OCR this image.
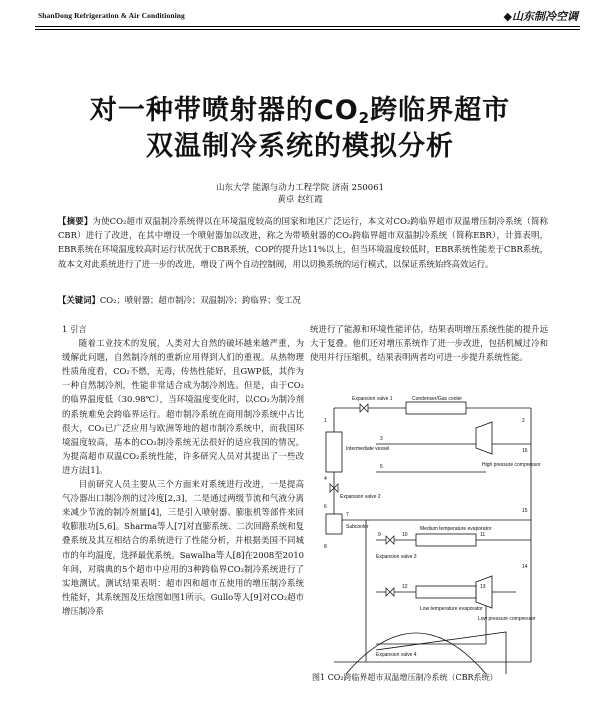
ShanDong Refrigeration & Air Conditioning	◆山东制冷空调
对一种带喷射器的$CO_2$跨临界超市
双温制冷系统的模拟分析
山东大学 能源与动力工程学院 济南 250061
黄卓 赵红霞
【摘要】为使CO₂超市双温制冷系统得以在环境温度较高的国家和地区广泛运行，本文对CO₂跨临界超市双温增压制冷系统（简称CBR）进行了改进，在其中增设一个喷射器加以改进，称之为带喷射器的CO₂跨临界超市双温制冷系统（简称EBR），计算表明，EBR系统在环境温度较高时运行状况优于CBR系统，COP的提升达11%以上，但当环境温度较低时，EBR系统性能差于CBR系统，故本文对此系统进行了进一步的改进，增设了两个自动控制阀，用以切换系统的运行模式，以保证系统始终高效运行。
【关键词】CO₂；喷射器；超市制冷；双温制冷；跨临界；变工况

1 引言

随着工业技术的发展，人类对大自然的破坏越来越严重，为缓解此问题，自然制冷剂的重新应用得到人们的重视。从热物理性质角度看，CO₂不燃，无毒，传热性能好，且GWP低，其作为一种自然制冷剂，性能非常适合成为制冷剂选。但是，由于CO₂的临界温度低（30.98℃），当环境温度变化时，以CO₂为制冷剂的系统难免会跨临界运行。超市制冷系统在商用制冷系统中占比很大，CO₂已广泛应用与欧洲等地的超市制冷系统中，而我国环境温度较高，基本的CO₂制冷系统无法很好的适应我国的情况。为提高超市双温CO₂系统性能，许多研究人员对其提出了一些改进方法[1]。

目前研究人员主要从三个方面来对系统进行改进，一是提高气冷器出口制冷剂的过冷度[2,3]，二是通过两级节流和气液分离来减少节流的制冷剂量[4]，三是引入喷射器、膨胀机等部件来回收膨胀功[5,6]。Sharma等人[7]对直膨系统、二次回路系统和复叠系统及其互相结合的系统进行了性能分析，并根据美国不同城市的年均温度，选择最优系统。Sawalha等人[8]在2008至2010年间，对瑞典的5个超市中应用的3种跨临界CO₂制冷系统进行了实地测试。测试结果表明：超市四和超市五使用的增压制冷系统性能好，其系统图及压焓图如图1所示。Gullo等人[9]对CO₂超市增压制冷系

统进行了能源和环境性能评估，结果表明增压系统性能的提升远大于复叠。他们还对增压系统作了进一步改进，包括机械过冷和使用并行压缩机，结果表明两者均可进一步提升系统性能。

Expansion valve 1	Condenser/Gas cooler
Intermediate vessel
High pressure compressor
Expansion valve 2
Subcooler	Medium temperature evaporator
Expansion valve 3
Low pressure compressor
Low temperature evaporator
Expansion valve 4
1	2
3
4
5
6
7
8
9	10	11
12	13
14
15
16
图1 CO₂跨临界超市双温增压制冷系统（CBR系统）
